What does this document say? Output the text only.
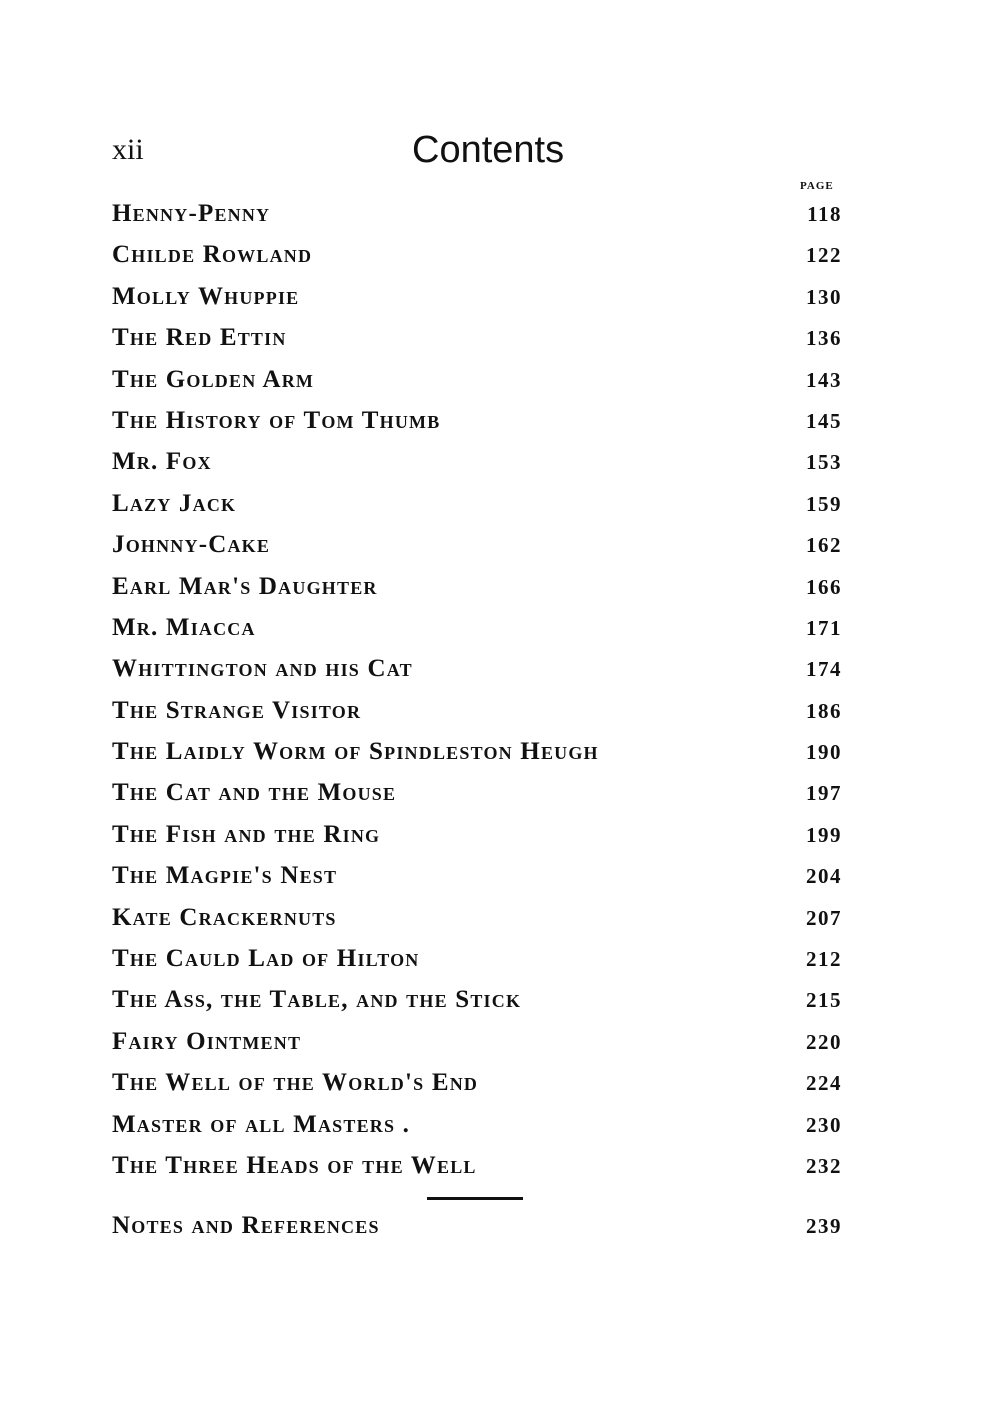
xii	Contents
PAGE
Henny-Penny	118
Childe Rowland	122
Molly Whuppie	130
The Red Ettin	136
The Golden Arm	143
The History of Tom Thumb	145
Mr. Fox	153
Lazy Jack	159
Johnny-Cake	162
Earl Mar's Daughter	166
Mr. Miacca	171
Whittington and his Cat	174
The Strange Visitor	186
The Laidly Worm of Spindleston Heugh	190
The Cat and the Mouse	197
The Fish and the Ring	199
The Magpie's Nest	204
Kate Crackernuts	207
The Cauld Lad of Hilton	212
The Ass, the Table, and the Stick	215
Fairy Ointment	220
The Well of the World's End	224
Master of all Masters .	230
The Three Heads of the Well	232
Notes and References	239
